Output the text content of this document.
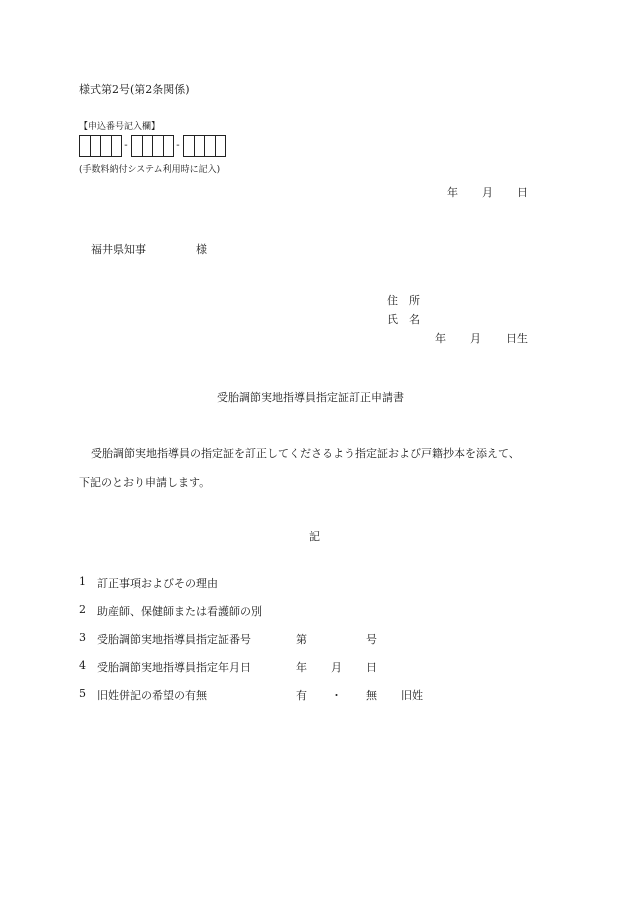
様式第2号(第2条関係)
【申込番号記入欄】
-	-
(手数料納付システム利用時に記入)
年 月 日
福井県知事	様
住　所
氏　名
年 月 日生
受胎調節実地指導員指定証訂正申請書
受胎調節実地指導員の指定証を訂正してくださるよう指定証および戸籍抄本を添えて、
下記のとおり申請します。
記
1 訂正事項およびその理由
2 助産師、保健師または看護師の別
3 受胎調節実地指導員指定証番号	第	号
4 受胎調節実地指導員指定年月日	年 月 日
5 旧姓併記の希望の有無	有 ・ 無 旧姓
